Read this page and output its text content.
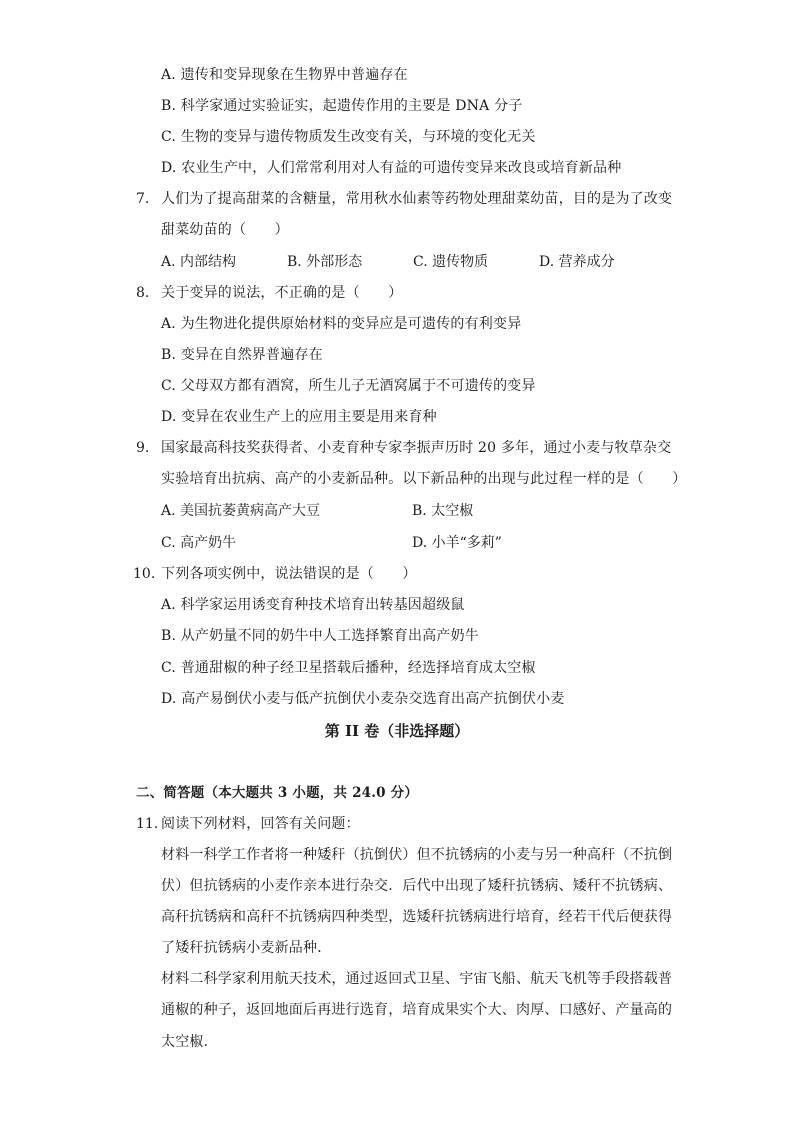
A. 遗传和变异现象在生物界中普遍存在
B. 科学家通过实验证实，起遗传作用的主要是 DNA 分子
C. 生物的变异与遗传物质发生改变有关，与环境的变化无关
D. 农业生产中，人们常常利用对人有益的可遗传变异来改良或培育新品种
7. 人们为了提高甜菜的含糖量，常用秋水仙素等药物处理甜菜幼苗，目的是为了改变
甜菜幼苗的（　　）
A. 内部结构	B. 外部形态	C. 遗传物质	D. 营养成分
8. 关于变异的说法，不正确的是（　　）
A. 为生物进化提供原始材料的变异应是可遗传的有利变异
B. 变异在自然界普遍存在
C. 父母双方都有酒窝，所生儿子无酒窝属于不可遗传的变异
D. 变异在农业生产上的应用主要是用来育种
9. 国家最高科技奖获得者、小麦育种专家李振声历时 20 多年，通过小麦与牧草杂交
实验培育出抗病、高产的小麦新品种。以下新品种的出现与此过程一样的是（　　）
A. 美国抗萎黄病高产大豆	B. 太空椒
C. 高产奶牛	D. 小羊“多莉”
10. 下列各项实例中，说法错误的是（　　）
A. 科学家运用诱变育种技术培育出转基因超级鼠
B. 从产奶量不同的奶牛中人工选择繁育出高产奶牛
C. 普通甜椒的种子经卫星搭载后播种，经选择培育成太空椒
D. 高产易倒伏小麦与低产抗倒伏小麦杂交选育出高产抗倒伏小麦
第 II 卷（非选择题）
二、简答题（本大题共 3 小题，共 24.0 分）
11. 阅读下列材料，回答有关问题：
材料一科学工作者将一种矮秆（抗倒伏）但不抗锈病的小麦与另一种高秆（不抗倒
伏）但抗锈病的小麦作亲本进行杂交．后代中出现了矮秆抗锈病、矮秆不抗锈病、
高秆抗锈病和高秆不抗锈病四种类型，选矮秆抗锈病进行培育，经若干代后便获得
了矮秆抗锈病小麦新品种．
材料二科学家利用航天技术，通过返回式卫星、宇宙飞船、航天飞机等手段搭载普
通椒的种子，返回地面后再进行选育，培育成果实个大、肉厚、口感好、产量高的
太空椒．
